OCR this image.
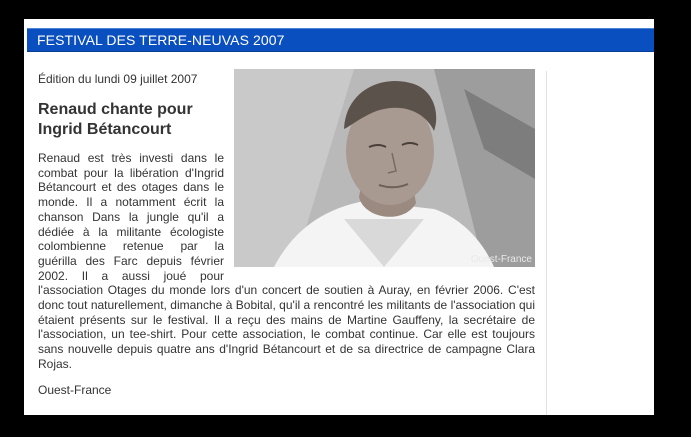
FESTIVAL DES TERRE-NEUVAS 2007
Ouest-France

Édition du lundi 09 juillet 2007

Renaud chante pour Ingrid Bétancourt

Renaud est très investi dans le combat pour la libération d'Ingrid Bétancourt et des otages dans le monde. Il a notamment écrit la chanson Dans la jungle qu'il a dédiée à la militante écologiste colombienne retenue par la guérilla des Farc depuis février 2002. Il a aussi joué pour l'association Otages du monde lors d'un concert de soutien à Auray, en février 2006. C'est donc tout naturellement, dimanche à Bobital, qu'il a rencontré les militants de l'association qui étaient présents sur le festival. Il a reçu des mains de Martine Gauffeny, la secrétaire de l'association, un tee-shirt. Pour cette association, le combat continue. Car elle est toujours sans nouvelle depuis quatre ans d'Ingrid Bétancourt et de sa directrice de campagne Clara Rojas.

Ouest-France
